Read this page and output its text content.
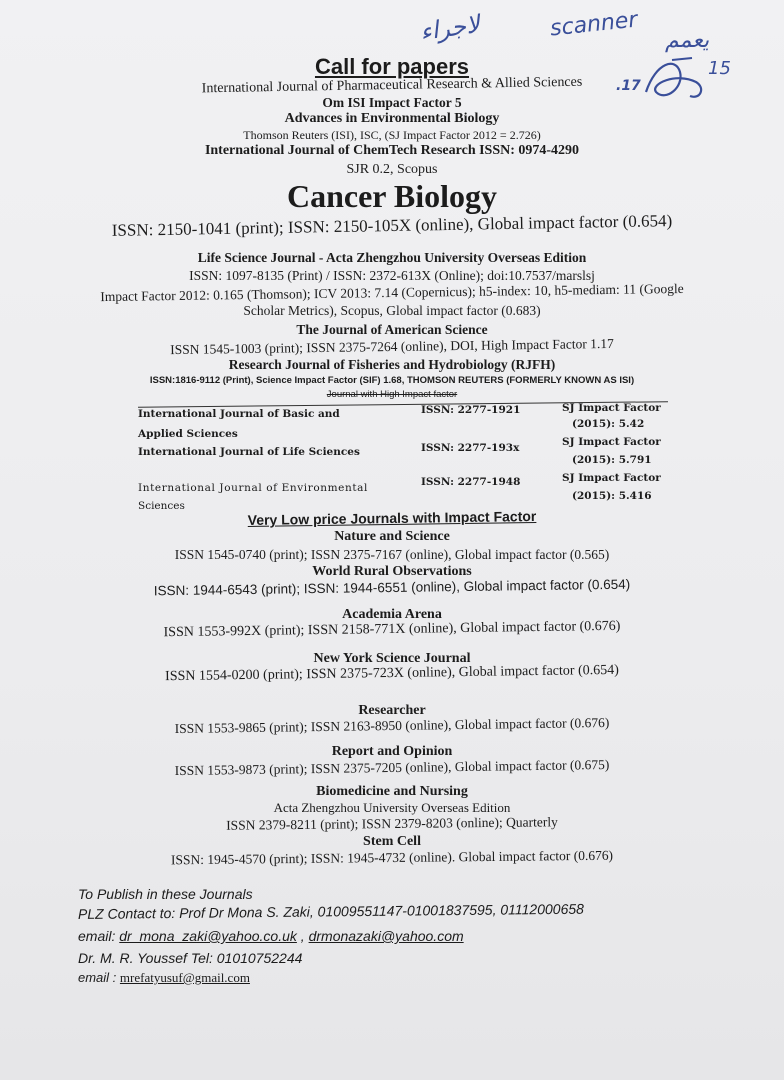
لاجراء	scanner يعمم
15
.17
Call for papers
International Journal of Pharmaceutical Research & Allied Sciences
Om ISI Impact Factor 5
Advances in Environmental Biology
Thomson Reuters (ISI), ISC, (SJ Impact Factor 2012 = 2.726)
International Journal of ChemTech Research ISSN: 0974-4290
SJR 0.2, Scopus
Cancer Biology
ISSN: 2150-1041 (print); ISSN: 2150-105X (online), Global impact factor (0.654)
Life Science Journal - Acta Zhengzhou University Overseas Edition
ISSN: 1097-8135 (Print) / ISSN: 2372-613X (Online); doi:10.7537/marslsj
Impact Factor 2012: 0.165 (Thomson); ICV 2013: 7.14 (Copernicus); h5-index: 10, h5-mediam: 11 (Google
Scholar Metrics), Scopus, Global impact factor (0.683)
The Journal of American Science
ISSN 1545-1003 (print); ISSN 2375-7264 (online), DOI, High Impact Factor 1.17
Research Journal of Fisheries and Hydrobiology (RJFH)
ISSN:1816-9112 (Print), Science Impact Factor (SIF) 1.68, THOMSON REUTERS (FORMERLY KNOWN AS ISI)
Journal with High Impact factor
International Journal of Basic and
Applied Sciences
ISSN: 2277-1921	SJ Impact Factor
(2015): 5.42
International Journal of Life Sciences	ISSN: 2277-193x	SJ Impact Factor
(2015): 5.791
International Journal of Environmental
Sciences
ISSN: 2277-1948	SJ Impact Factor
(2015): 5.416
Very Low price Journals with Impact Factor
Nature and Science
ISSN 1545-0740 (print); ISSN 2375-7167 (online), Global impact factor (0.565)
World Rural Observations
ISSN: 1944-6543 (print); ISSN: 1944-6551 (online), Global impact factor (0.654)
Academia Arena
ISSN 1553-992X (print); ISSN 2158-771X (online), Global impact factor (0.676)
New York Science Journal
ISSN 1554-0200 (print); ISSN 2375-723X (online), Global impact factor (0.654)
Researcher
ISSN 1553-9865 (print); ISSN 2163-8950 (online), Global impact factor (0.676)
Report and Opinion
ISSN 1553-9873 (print); ISSN 2375-7205 (online), Global impact factor (0.675)
Biomedicine and Nursing
Acta Zhengzhou University Overseas Edition
ISSN 2379-8211 (print); ISSN 2379-8203 (online); Quarterly
Stem Cell
ISSN: 1945-4570 (print); ISSN: 1945-4732 (online). Global impact factor (0.676)
To Publish in these Journals
PLZ Contact to: Prof Dr Mona S. Zaki, 01009551147-01001837595, 01112000658
email: dr_mona_zaki@yahoo.co.uk , drmonazaki@yahoo.com
Dr. M. R. Youssef Tel: 01010752244
email : mrefatyusuf@gmail.com
